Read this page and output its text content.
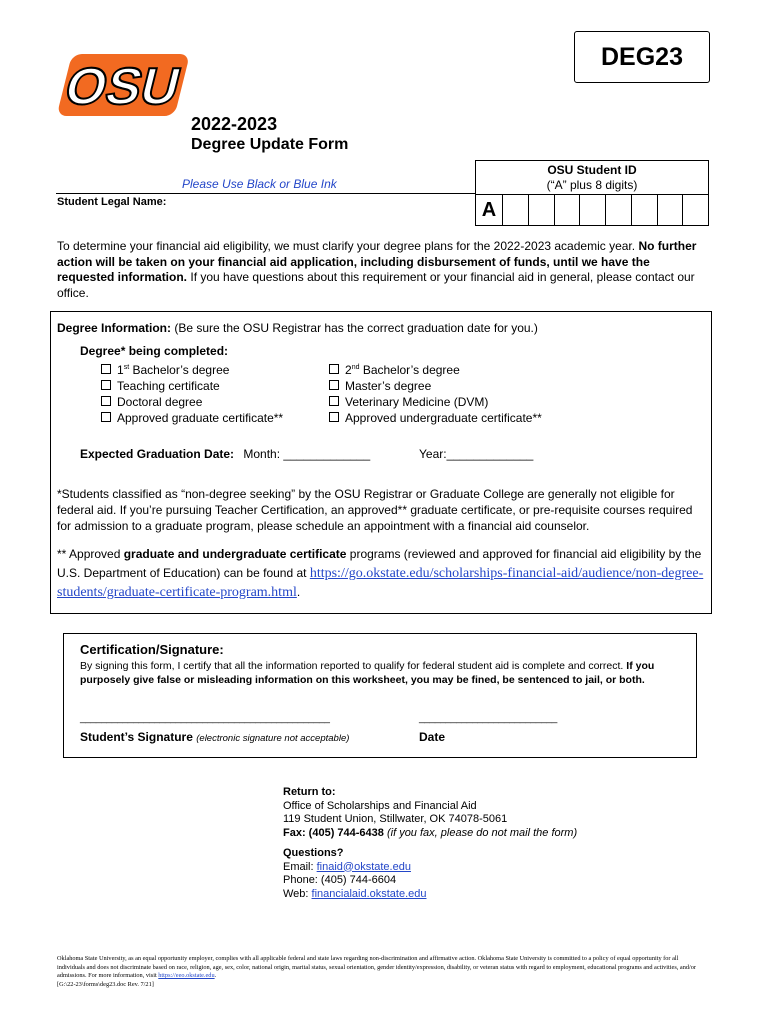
DEG23
OSU
2022-2023
Degree Update Form
Please Use Black or Blue Ink
OSU Student ID
(“A” plus 8 digits)
A
Student Legal Name:
To determine your financial aid eligibility, we must clarify your degree plans for the 2022-2023 academic year. No further action will be taken on your financial aid application, including disbursement of funds, until we have the requested information. If you have questions about this requirement or your financial aid in general, please contact our office.
Degree Information: (Be sure the OSU Registrar has the correct graduation date for you.)
Degree* being completed:
1st Bachelor’s degree
Teaching certificate
Doctoral degree
Approved graduate certificate**
2nd Bachelor’s degree
Master’s degree
Veterinary Medicine (DVM)
Approved undergraduate certificate**
Expected Graduation Date: Month: _____________	Year:_____________
*Students classified as “non-degree seeking” by the OSU Registrar or Graduate College are generally not eligible for federal aid. If you’re pursuing Teacher Certification, an approved** graduate certificate, or pre-requisite courses required for admission to a graduate program, please schedule an appointment with a financial aid counselor.
** Approved graduate and undergraduate certificate programs (reviewed and approved for financial aid eligibility by the U.S. Department of Education) can be found at https://go.okstate.edu/scholarships-financial-aid/audience/non-degree-students/graduate-certificate-program.html.
Certification/Signature:
By signing this form, I certify that all the information reported to qualify for federal student aid is complete and correct. If you purposely give false or misleading information on this worksheet, you may be fined, be sentenced to jail, or both.
_______________________________________________	__________________________
Student’s Signature (electronic signature not acceptable)	Date
Return to:
Office of Scholarships and Financial Aid
119 Student Union, Stillwater, OK 74078-5061
Fax: (405) 744-6438 (if you fax, please do not mail the form)
Questions?
Email: finaid@okstate.edu
Phone: (405) 744-6604
Web: financialaid.okstate.edu
Oklahoma State University, as an equal opportunity employer, complies with all applicable federal and state laws regarding non-discrimination and affirmative action. Oklahoma State University is committed to a policy of equal opportunity for all individuals and does not discriminate based on race, religion, age, sex, color, national origin, marital status, sexual orientation, gender identity/expression, disability, or veteran status with regard to employment, educational programs and activities, and/or admissions. For more information, visit https://eeo.okstate.edu.
[G:\22-23\forms\deg23.doc Rev. 7/21]
